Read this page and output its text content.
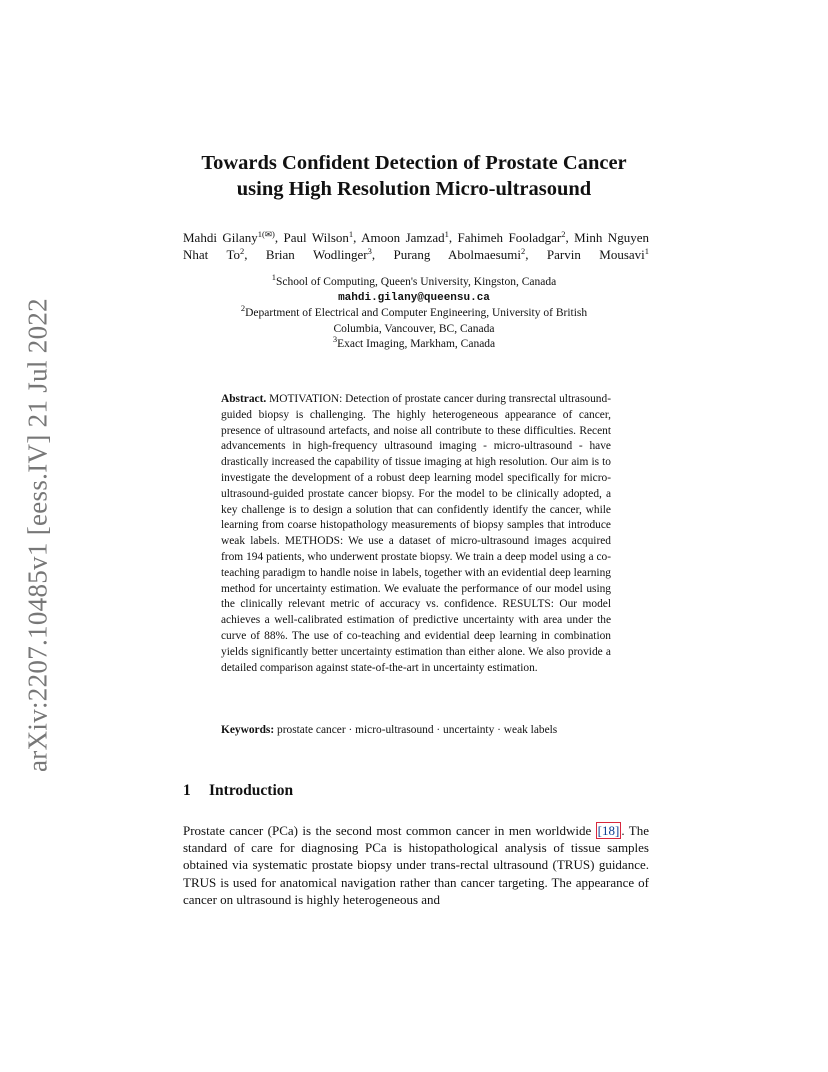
arXiv:2207.10485v1 [eess.IV] 21 Jul 2022
Towards Confident Detection of Prostate Cancer
using High Resolution Micro-ultrasound
Mahdi Gilany$^{1(✉)}$, Paul Wilson$^1$, Amoon Jamzad$^1$, Fahimeh Fooladgar$^2$, Minh Nguyen Nhat To$^2$, Brian Wodlinger$^3$, Purang Abolmaesumi$^2$, Parvin Mousavi$^1$
$^1$School of Computing, Queen's University, Kingston, Canada
mahdi.gilany@queensu.ca
$^2$Department of Electrical and Computer Engineering, University of British
Columbia, Vancouver, BC, Canada
$^3$Exact Imaging, Markham, Canada
Abstract. MOTIVATION: Detection of prostate cancer during transrectal ultrasound-guided biopsy is challenging. The highly heterogeneous appearance of cancer, presence of ultrasound artefacts, and noise all contribute to these difficulties. Recent advancements in high-frequency ultrasound imaging - micro-ultrasound - have drastically increased the capability of tissue imaging at high resolution. Our aim is to investigate the development of a robust deep learning model specifically for micro-ultrasound-guided prostate cancer biopsy. For the model to be clinically adopted, a key challenge is to design a solution that can confidently identify the cancer, while learning from coarse histopathology measurements of biopsy samples that introduce weak labels. METHODS: We use a dataset of micro-ultrasound images acquired from 194 patients, who underwent prostate biopsy. We train a deep model using a co-teaching paradigm to handle noise in labels, together with an evidential deep learning method for uncertainty estimation. We evaluate the performance of our model using the clinically relevant metric of accuracy vs. confidence. RESULTS: Our model achieves a well-calibrated estimation of predictive uncertainty with area under the curve of 88%. The use of co-teaching and evidential deep learning in combination yields significantly better uncertainty estimation than either alone. We also provide a detailed comparison against state-of-the-art in uncertainty estimation.
Keywords: prostate cancer · micro-ultrasound · uncertainty · weak labels
1 Introduction
Prostate cancer (PCa) is the second most common cancer in men worldwide [18] . The standard of care for diagnosing PCa is histopathological analysis of tissue samples obtained via systematic prostate biopsy under trans-rectal ultrasound (TRUS) guidance. TRUS is used for anatomical navigation rather than cancer targeting. The appearance of cancer on ultrasound is highly heterogeneous and
